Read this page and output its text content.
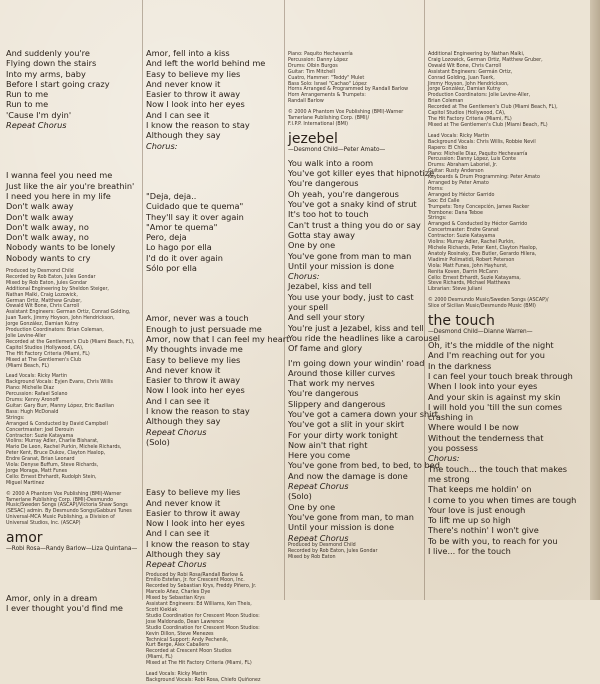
And suddenly you're
Flying down the stairs
Into my arms, baby
Before I start going crazy
Run to me
Run to me
'Cause I'm dyin'
Repeat Chorus
I wanna feel you need me
Just like the air you're breathin'
I need you here in my life
Don't walk away
Don't walk away
Don't walk away, no
Don't walk away, no
Nobody wants to be lonely
Nobody wants to cry
Produced by Desmond Child
Recorded by Rob Eaton, Jules Gondar
Mixed by Rob Eaton, Jules Gondar
Additional Engineering by Sheldon Steiger,
Nathan Malki, Craig Lozowick,
German Ortiz, Matthew Gruber,
Oswald Wit Bone, Chris Carroll
Assistant Engineers: German Ortiz, Conrad Golding,
Juan Tuerk, Jimmy Hoyson, John Hendrickson,
Jorge González, Damian Kutny
Production Coordinators: Brian Coleman,
Jolie Levine-Aller
Recorded at the Gentlemen's Club (Miami Beach, FL),
Capitol Studios (Hollywood, CA),
The Hit Factory Criteria (Miami, FL)
Mixed at The Gentlemen's Club
(Miami Beach, FL)
Lead Vocals: Ricky Martin
Background Vocals: Eyjen Evans, Chris Willis
Piano: Michelle Diaz
Percussion: Rafael Solano
Drums: Kenny Aronoff
Guitar: Gary Burr, Manny López, Eric Bazilian
Bass: Hugh McDonald
Strings:
Arranged & Conducted by David Campbell
Concertmaster: Joel Derouin
Contractor: Suzie Katayama
Violins: Murray Adler, Charlie Bisharat,
Mario De Leon, Rachel Purkin, Michele Richards,
Peter Kent, Bruce Dukov, Clayton Haslop,
Endre Granat, Brian Leonard
Viola: Denyse Buffum, Steve Richards,
Jorge Moraga, Matt Funes
Cello: Ernest Ehrhardt, Rudolph Stein,
Miguel Martinez
© 2000 A Phantom Vox Publishing (BMI)-Warner
Tamerlane Publishing Corp. (BMI)-Desmundo
Music/Sweden Songs (ASCAP)/Victoria Shaw Songs
(SESAC) admin. By Desmundo Songs/Gabbuni Tunes
Universal-MCA Music Publishing, a Division of
Universal Studios, Inc. (ASCAP)
amor
—Robi Rosa—Randy Barlow—Liza Quintana—
Amor, only in a dream
I ever thought you'd find me
Amor, fell into a kiss
And left the world behind me
Easy to believe my lies
And never know it
Easier to throw it away
Now I look into her eyes
And I can see it
I know the reason to stay
Although they say
Chorus:
"Deja, deja..
Cuidado que te quema"
They'll say it over again
"Amor te quema"
Pero, deja
Lo hago por ella
I'd do it over again
Sólo por ella
Amor, never was a touch
Enough to just persuade me
Amor, now that I can feel my heart
My thoughts invade me
Easy to believe my lies
And never know it
Easier to throw it away
Now I look into her eyes
And I can see it
I know the reason to stay
Although they say
Repeat Chorus
(Solo)
Easy to believe my lies
And never know it
Easier to throw it away
Now I look into her eyes
And I can see it
I know the reason to stay
Although they say
Repeat Chorus
Produced by Robi Rosa/Randall Barlow &
Emilio Estefan, Jr. for Crescent Moon, Inc.
Recorded by Sebastian Krys, Freddy Piñero, Jr.
Marcelo Añez, Charles Dye
Mixed by Sebastian Krys
Assistant Engineers: Ed Williams, Ken Theis,
Scott Kieklak
Studio Coordination for Crescent Moon Studios:
Jose Maldonado, Dean Lawrence
Studio Coordination for Crescent Moon Studios:
Kevin Dillon, Steve Menezes
Technical Support: Andy Pechenik,
Kurt Berge, Alex Caballero
Recorded at Crescent Moon Studios
(Miami, FL)
Mixed at The Hit Factory Criteria (Miami, FL)
Lead Vocals: Ricky Martin
Background Vocals: Robi Rosa, Chiefo Quiñonez
Piano: Paquito Hechevarría
Percussion: Danny López
Drums: Olbin Burgos
Guitar: Tim Mitchell
Cuatro, Hammer: "Teddy" Mulet
Bass Solo: Israel "Cachao" López
Horns Arranged & Programmed by Randall Barlow
Horn Arrangements & Trumpets:
Randall Barlow
© 2000 A Phantom Vox Publishing (BMI)-Warner
Tamerlane Publishing Corp. (BMI)/
F.I.P.P. International (BMI)
jezebel
—Desmond Child—Peter Amato—
You walk into a room
You've got killer eyes that hipnotize
You're dangerous
Oh yeah, you're dangerous
You've got a snaky kind of strut
It's too hot to touch
Can't trust a thing you do or say
Gotta stay away
One by one
You've gone from man to man
Until your mission is done
Chorus:
Jezabel, kiss and tell
You use your body, just to cast
your spell
And sell your story
You're just a Jezabel, kiss and tell
You ride the headlines like a carousel
Of fame and glory
I'm going down your windin' road
Around those killer curves
That work my nerves
You're dangerous
Slippery and dangerous
You've got a camera down your shirt
You've got a slit in your skirt
For your dirty work tonight
Now ain't that right
Here you come
You've gone from bed, to bed, to bed
And now the damage is done
Repeat Chorus
(Solo)
One by one
You've gone from man, to man
Until your mission is done
Repeat Chorus
Produced by Desmond Child
Recorded by Rob Eaton, Jules Gondar
Mixed by Rob Eaton
Additional Engineering by Nathan Malki,
Craig Lozowick, German Ortiz, Matthew Gruber,
Oswald Wit Bone, Chris Carroll
Assistant Engineers: Germán Ortiz,
Conrad Golding, Juan Tuerk,
Jimmy Hoyson, John Hendrickson,
Jorge González, Damian Kutny
Production Coordinators: Jolie Levine-Aller,
Brian Coleman
Recorded at The Gentlemen's Club (Miami Beach, FL),
Capitol Studios (Hollywood, CA),
The Hit Factory Criteria (Miami, FL)
Mixed at The Gentlemen's Club (Miami Beach, FL)
Lead Vocals: Ricky Martin
Background Vocals: Chris Willis, Robbie Nevil
Rapero: El Chiko
Piano: Michelle Diaz, Paquito Hechevarría
Percussion: Danny López, Luis Conte
Drums: Abraham Laboriel, Jr.
Guitar: Rusty Anderson
Keyboards & Drum Programming: Peter Amato
Arranged by Peter Amato
Horns:
Arranged by Héctor Garrido
Sax: Ed Calle
Trumpets: Tony Concepción, James Racker
Trombone: Dana Teboe
Strings:
Arranged & Conducted by Héctor Garrido
Concertmaster: Endre Granat
Contractor: Suzie Katayama
Violins: Murray Adler, Rachel Purkin,
Michele Richards, Peter Kent, Clayton Haslop,
Anatoly Rosinsky, Eve Butler, Gerardo Hilera,
Vladimir Polimatidi, Robert Peterson
Viola: Matt Funes, John Hayhurst,
Renita Koven, Darrin McCann
Cello: Ernest Erhardt, Suzie Katayama,
Steve Richards, Michael Matthews
Librarian: Steve Juliani
© 2000 Desmundo Music/Sweden Songs (ASCAP)/
Slice of Sicilian Music/Desmundo Music (BMI)
the touch
—Desmond Child—Dianne Warren—
Oh, it's the middle of the night
And I'm reaching out for you
In the darkness
I can feel your touch break through
When I look into your eyes
And your skin is against my skin
I will hold you 'till the sun comes
crashing in
Where would I be now
Without the tenderness that
you possess
Chorus:
The touch... the touch that makes
me strong
That keeps me holdin' on
I come to you when times are tough
Your love is just enough
To lift me up so high
There's nothin' I won't give
To be with you, to reach for you
I live... for the touch
